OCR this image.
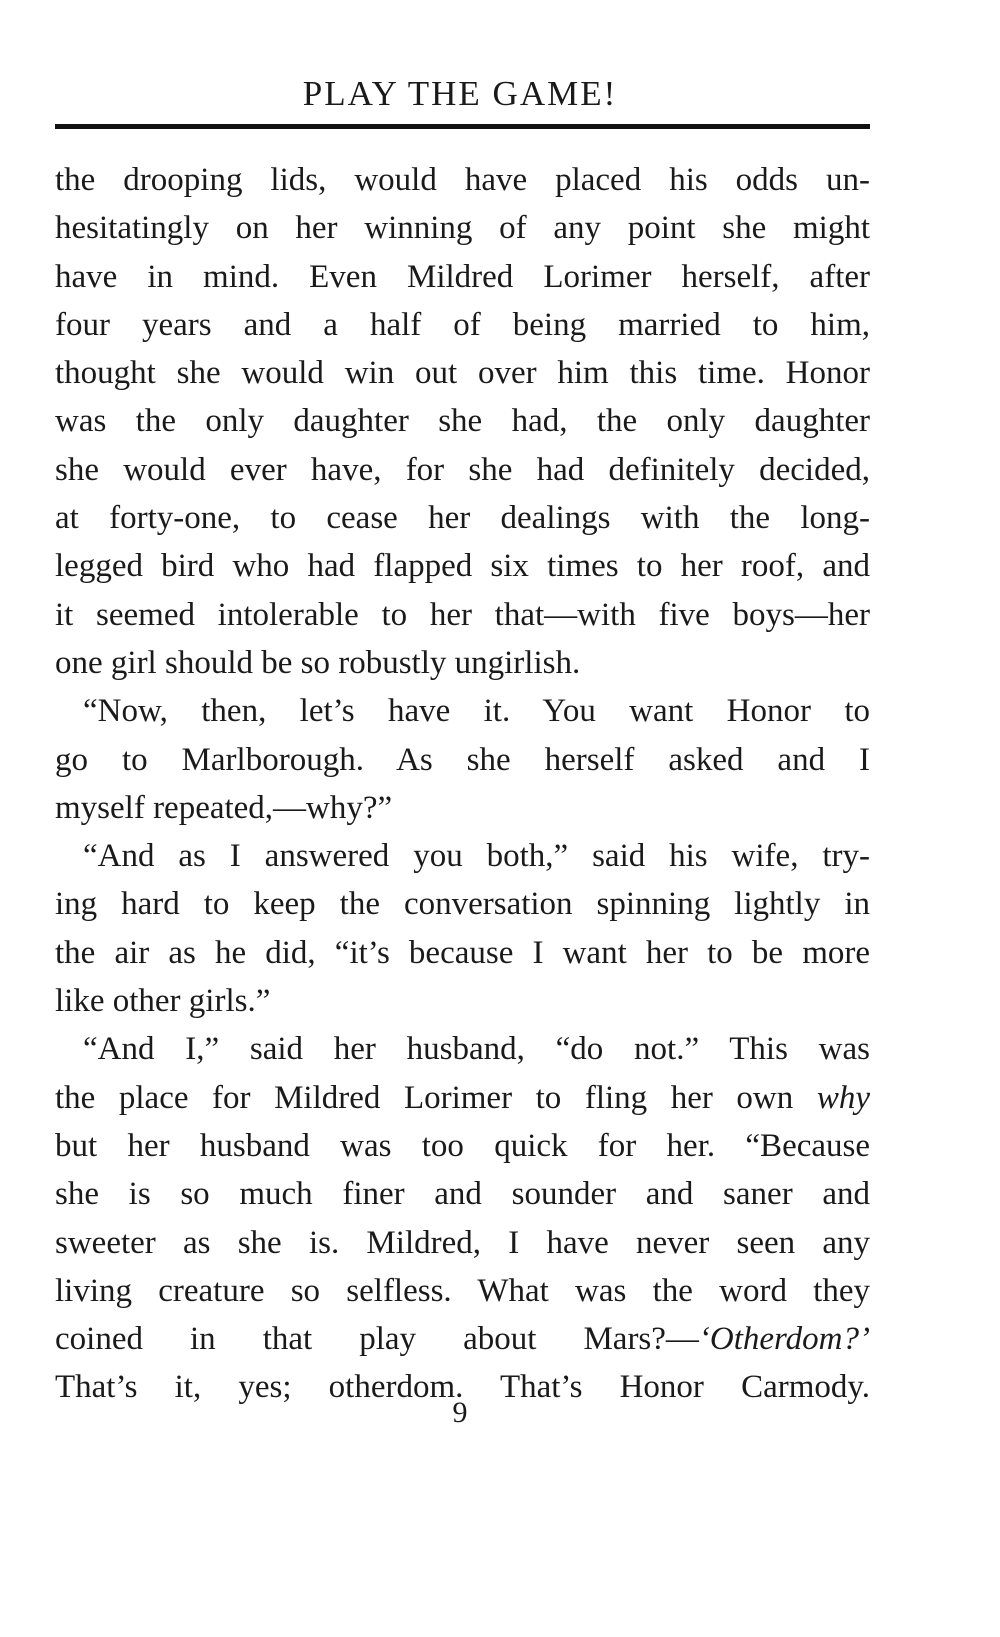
PLAY THE GAME!
the drooping lids, would have placed his odds un-
hesitatingly on her winning of any point she might
have in mind. Even Mildred Lorimer herself, after
four years and a half of being married to him,
thought she would win out over him this time. Honor
was the only daughter she had, the only daughter
she would ever have, for she had definitely decided,
at forty-one, to cease her dealings with the long-
legged bird who had flapped six times to her roof, and
it seemed intolerable to her that—with five boys—her
one girl should be so robustly ungirlish.
“Now, then, let’s have it. You want Honor to
go to Marlborough. As she herself asked and I
myself repeated,—why?”
“And as I answered you both,” said his wife, try-
ing hard to keep the conversation spinning lightly in
the air as he did, “it’s because I want her to be more
like other girls.”
“And I,” said her husband, “do not.” This was
the place for Mildred Lorimer to fling her own why
but her husband was too quick for her. “Because
she is so much finer and sounder and saner and
sweeter as she is. Mildred, I have never seen any
living creature so selfless. What was the word they
coined in that play about Mars?—‘Otherdom?’
That’s it, yes; otherdom. That’s Honor Carmody.
9
